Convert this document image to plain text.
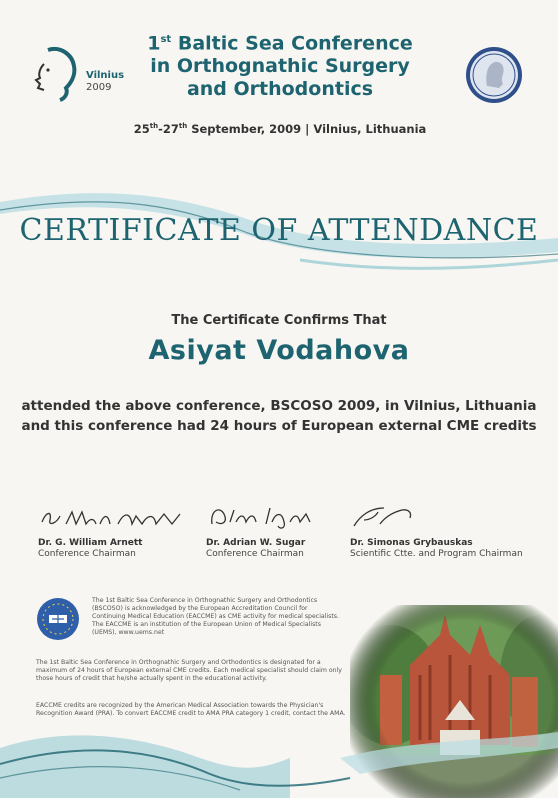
Vilnius
2009
1st Baltic Sea Conference
in Orthognathic Surgery
and Orthodontics
25th-27th September, 2009 | Vilnius, Lithuania
CERTIFICATE OF ATTENDANCE
The Certificate Confirms That
Asiyat Vodahova
attended the above conference, BSCOSO 2009, in Vilnius, Lithuania
and this conference had 24 hours of European external CME credits
Dr. G. William Arnett
Conference Chairman
Dr. Adrian W. Sugar
Conference Chairman
Dr. Simonas Grybauskas
Scientific Ctte. and Program Chairman
The 1st Baltic Sea Conference in Orthognathic Surgery and Orthodontics (BSCOSO) is acknowledged by the European Accreditation Council for Continuing Medical Education (EACCME) as CME activity for medical specialists. The EACCME is an institution of the European Union of Medical Specialists (UEMS), www.uems.net
The 1st Baltic Sea Conference in Orthognathic Surgery and Orthodontics is designated for a maximum of 24 hours of European external CME credits. Each medical specialist should claim only those hours of credit that he/she actually spent in the educational activity.
EACCME credits are recognized by the American Medical Association towards the Physician's Recognition Award (PRA). To convert EACCME credit to AMA PRA category 1 credit, contact the AMA.
